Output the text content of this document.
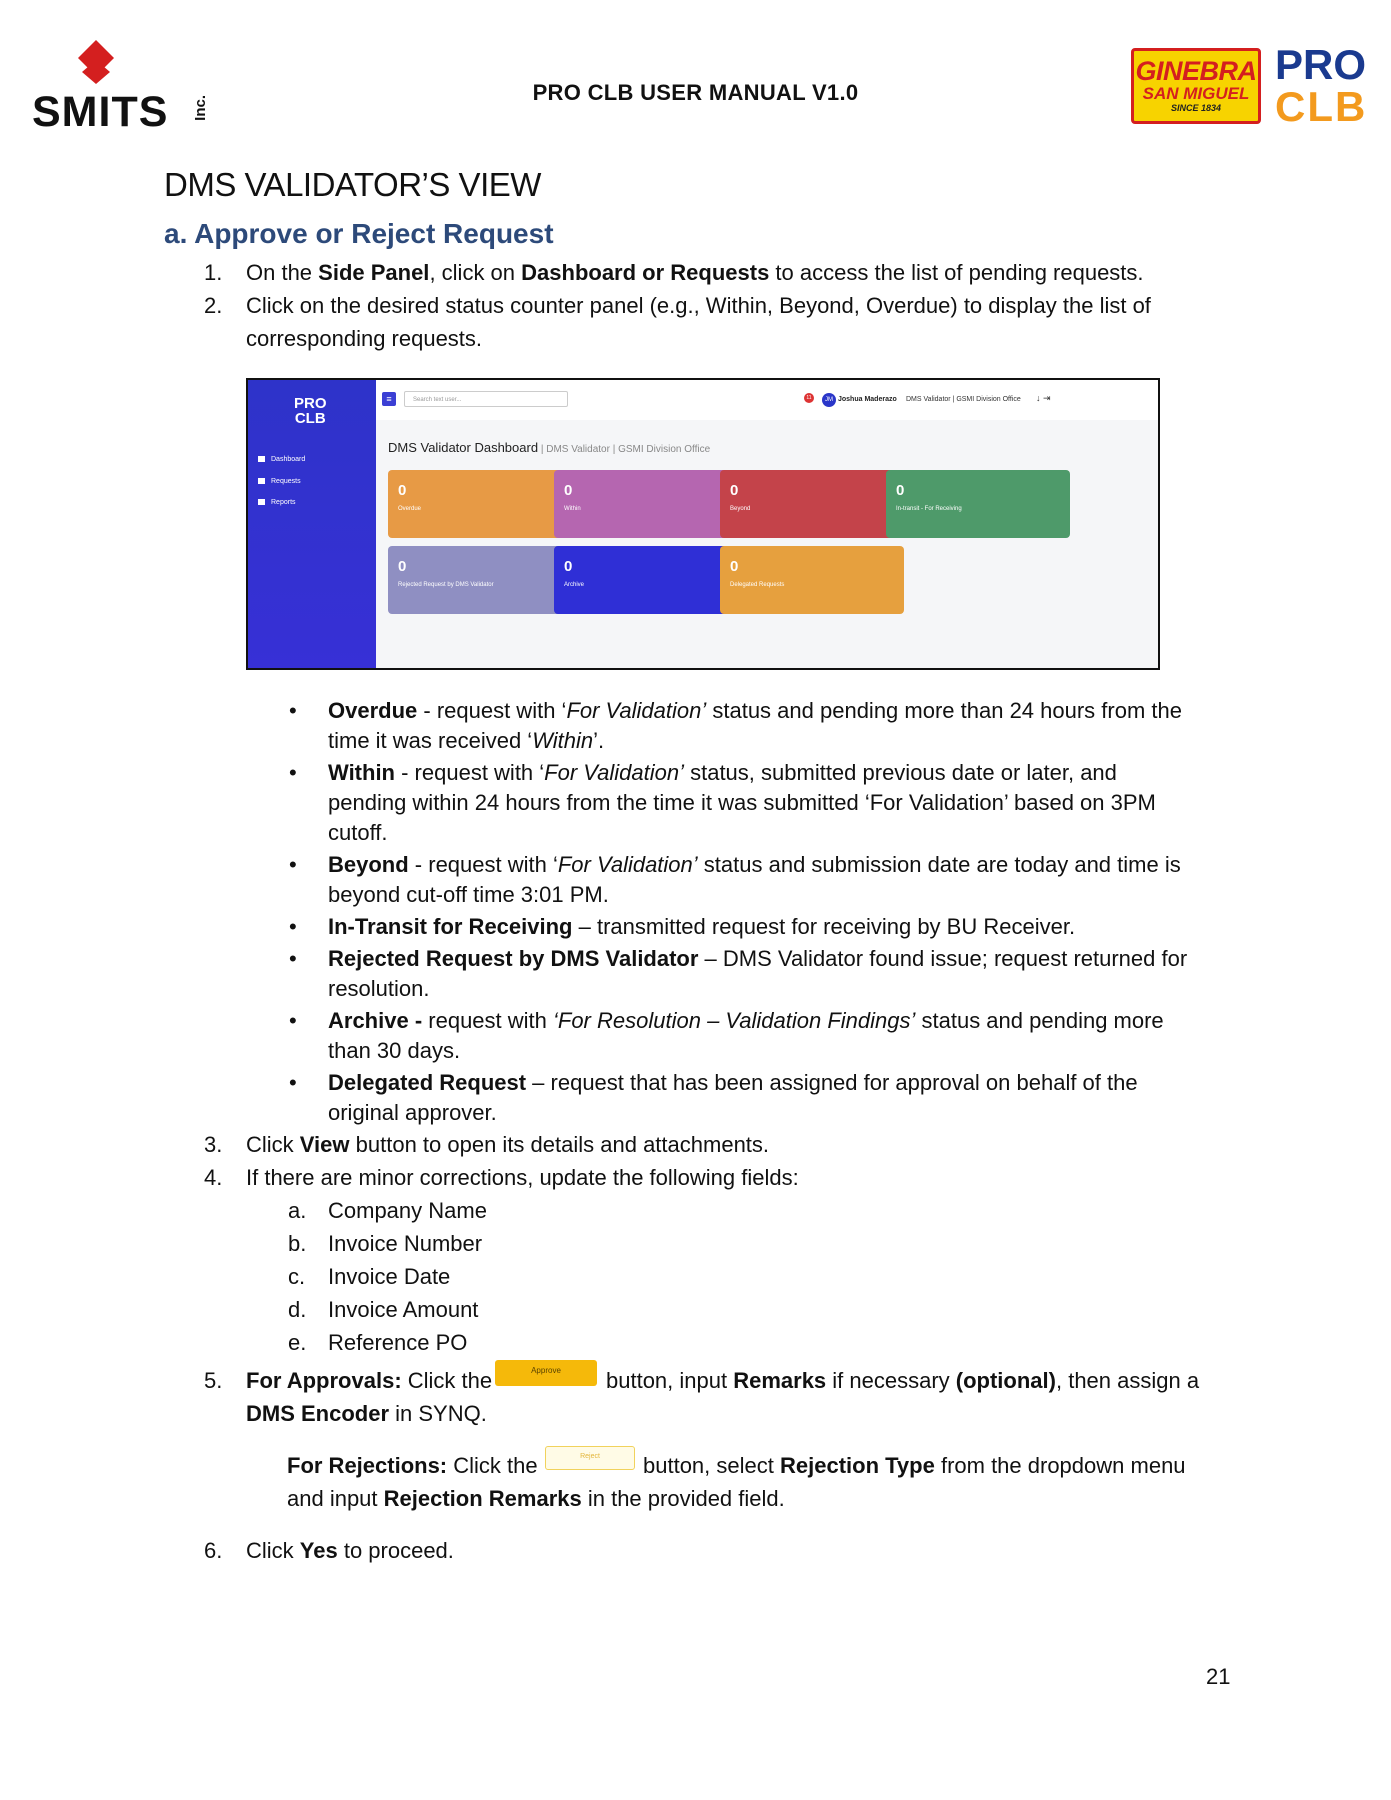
SMITS Inc.
PRO CLB USER MANUAL V1.0
GINEBRA
SAN MIGUEL
SINCE 1834
PRO
CLB
DMS VALIDATOR’S VIEW
a. Approve or Reject Request
1. On the Side Panel, click on Dashboard or Requests to access the list of pending requests.
2. Click on the desired status counter panel (e.g., Within, Beyond, Overdue) to display the list of
corresponding requests.
PRO
CLB
Dashboard
Requests
Reports
≡	Search text user...	11	JM Joshua Maderazo DMS Validator | GSMI Division Office ↓ ⇥
DMS Validator Dashboard | DMS Validator | GSMI Division Office
0
Overdue
0
Within
0
Beyond
0
In-transit - For Receiving
0
Rejected Request by DMS Validator
0
Archive
0
Delegated Requests
• Overdue - request with ‘For Validation’ status and pending more than 24 hours from the
time it was received ‘Within’.
• Within - request with ‘For Validation’ status, submitted previous date or later, and
pending within 24 hours from the time it was submitted ‘For Validation’ based on 3PM
cutoff.
• Beyond - request with ‘For Validation’ status and submission date are today and time is
beyond cut-off time 3:01 PM.
• In-Transit for Receiving – transmitted request for receiving by BU Receiver.
• Rejected Request by DMS Validator – DMS Validator found issue; request returned for
resolution.
• Archive - request with ‘For Resolution – Validation Findings’ status and pending more
than 30 days.
• Delegated Request – request that has been assigned for approval on behalf of the
original approver.
3. Click View button to open its details and attachments.
4. If there are minor corrections, update the following fields:
a. Company Name
b. Invoice Number
c. Invoice Date
d. Invoice Amount
e. Reference PO
5. For Approvals: Click the	Approve	button, input Remarks if necessary (optional), then assign a
DMS Encoder in SYNQ.
For Rejections: Click the	Reject	button, select Rejection Type from the dropdown menu
and input Rejection Remarks in the provided field.
6. Click Yes to proceed.
21
